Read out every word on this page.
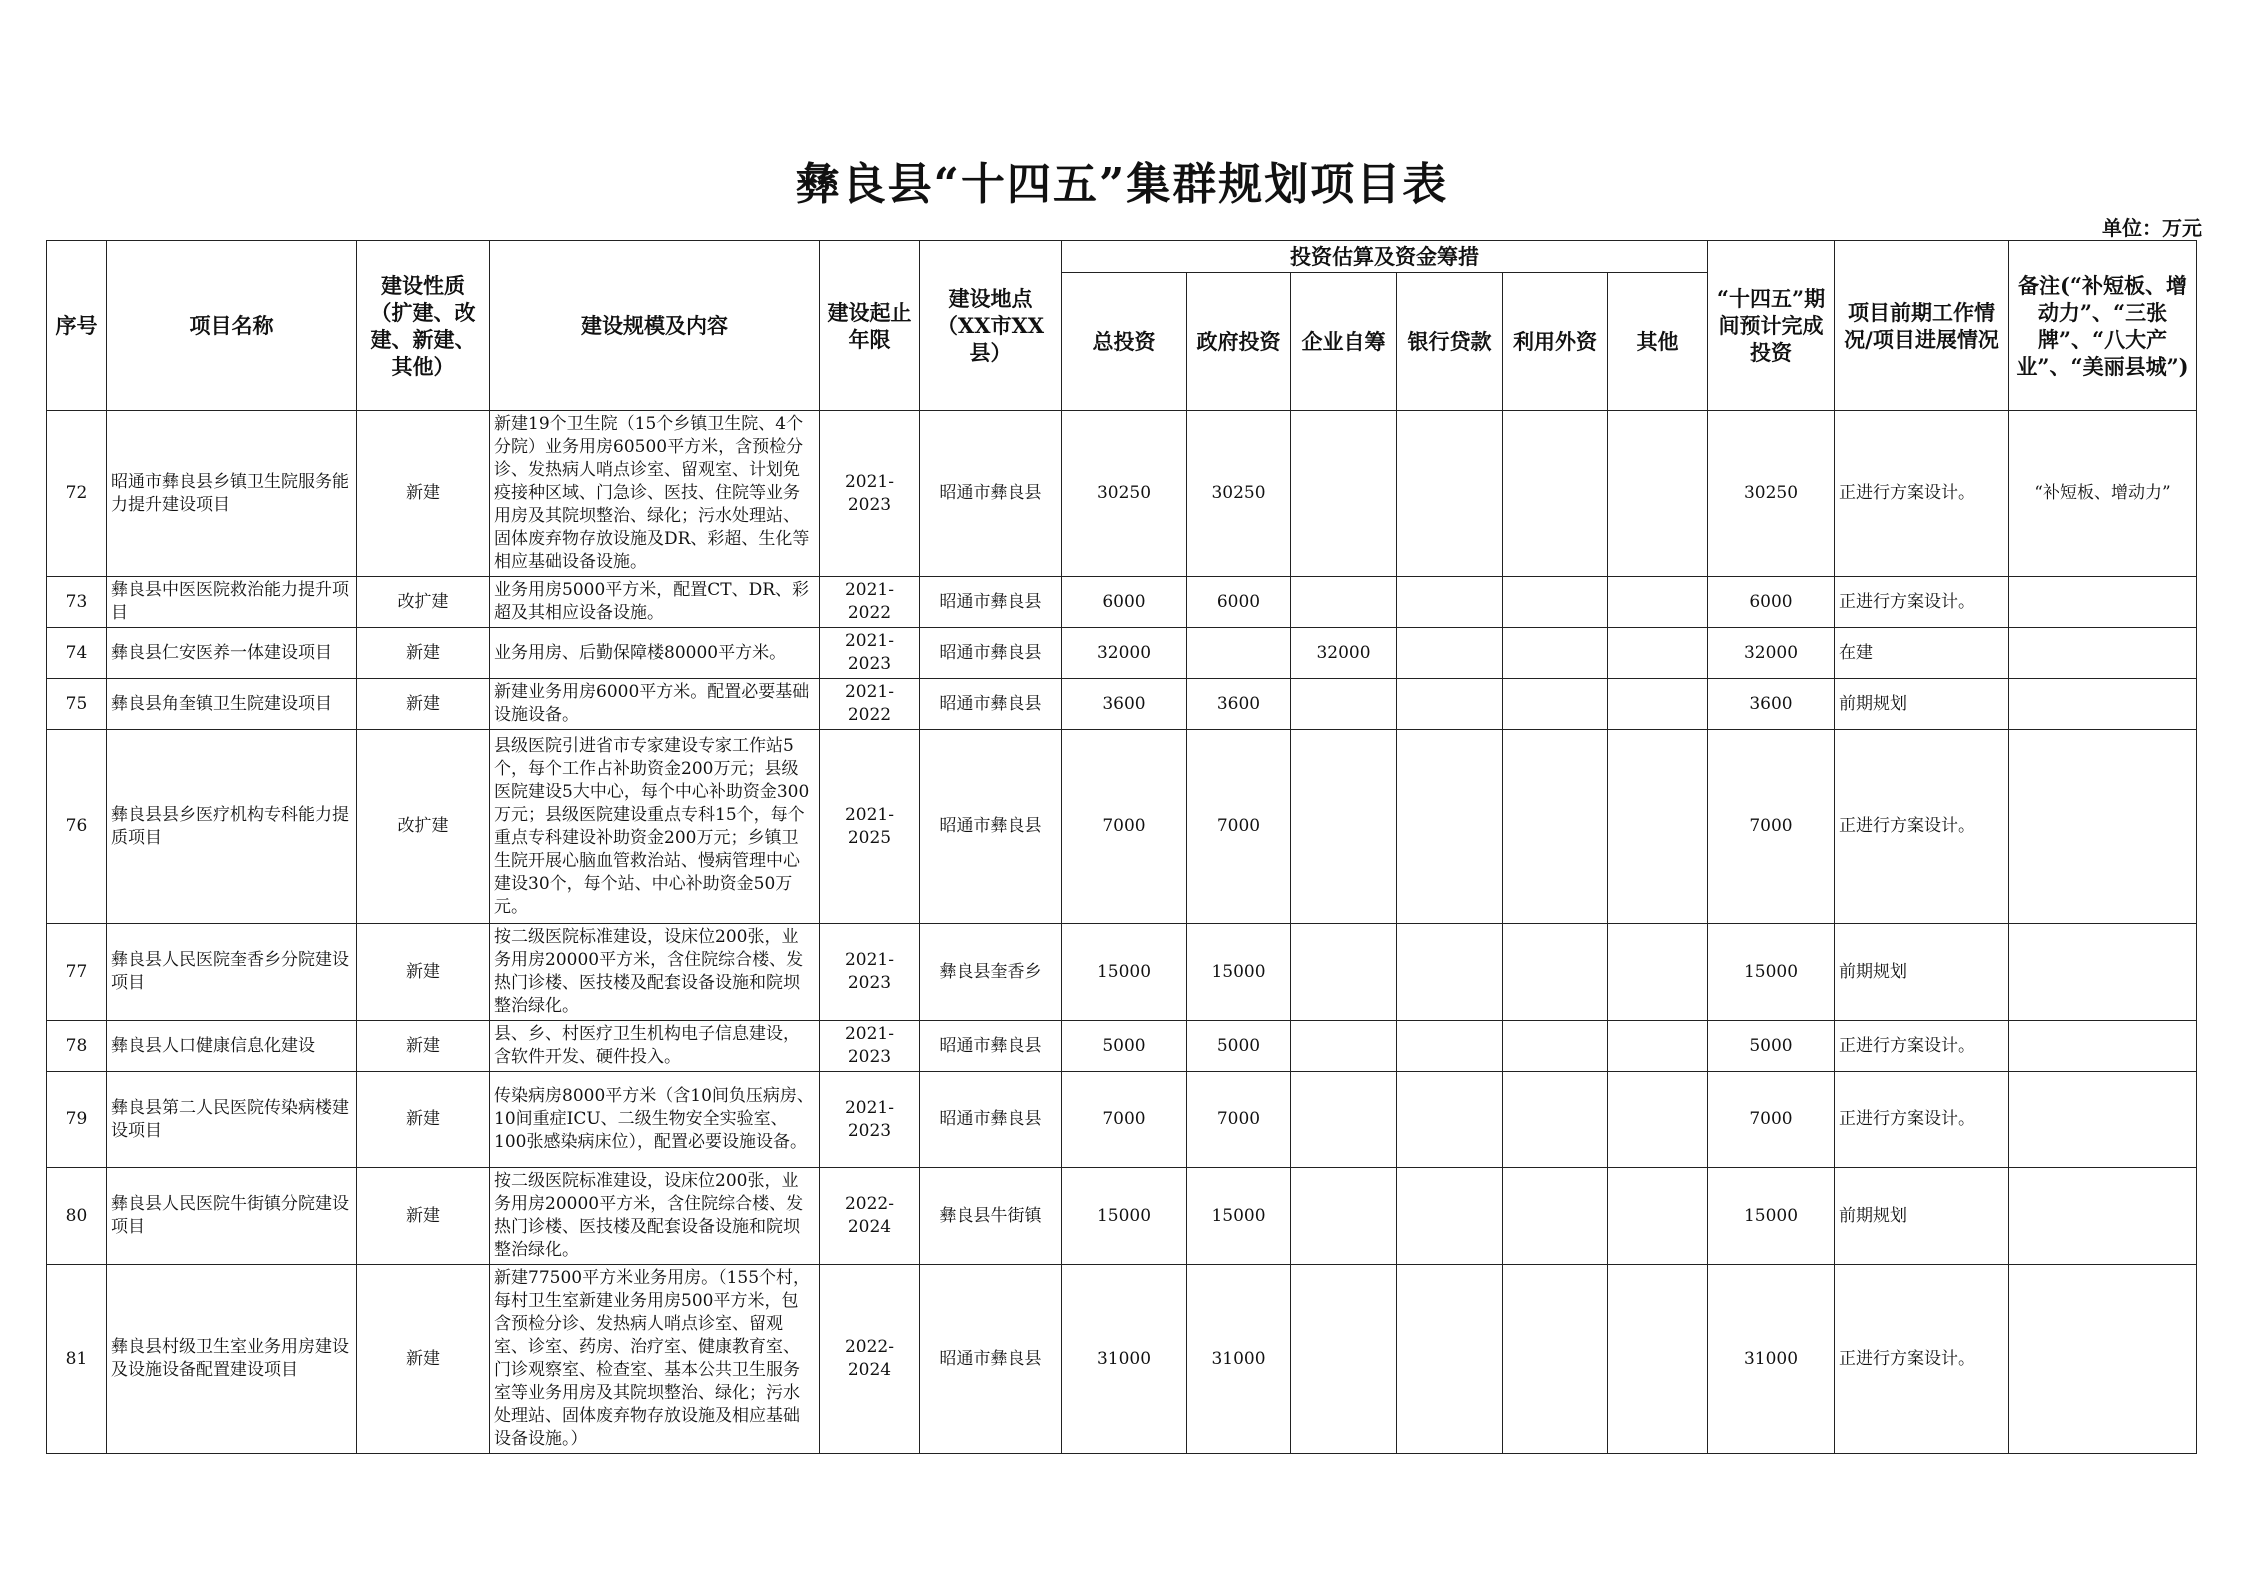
彝良县“十四五”集群规划项目表
单位：万元
序号	项目名称	建设性质（扩建、改建、新建、其他）	建设规模及内容	建设起止年限	建设地点（XX市XX县）	投资估算及资金筹措						“十四五”期间预计完成投资	项目前期工作情况/项目进展情况	备注(“补短板、增动力”、“三张牌”、“八大产业”、“美丽县城”)
						总投资	政府投资	企业自筹	银行贷款	利用外资	其他			
72	昭通市彝良县乡镇卫生院服务能力提升建设项目	新建	新建19个卫生院（15个乡镇卫生院、4个分院）业务用房60500平方米，含预检分诊、发热病人哨点诊室、留观室、计划免疫接种区域、门急诊、医技、住院等业务用房及其院坝整治、绿化；污水处理站、固体废弃物存放设施及DR、彩超、生化等相应基础设备设施。	2021-2023	昭通市彝良县	30250	30250					30250	正进行方案设计。	“补短板、增动力”
73	彝良县中医医院救治能力提升项目	改扩建	业务用房5000平方米，配置CT、DR、彩超及其相应设备设施。	2021-2022	昭通市彝良县	6000	6000					6000	正进行方案设计。	
74	彝良县仁安医养一体建设项目	新建	业务用房、后勤保障楼80000平方米。	2021-2023	昭通市彝良县	32000		32000				32000	在建	
75	彝良县角奎镇卫生院建设项目	新建	新建业务用房6000平方米。配置必要基础设施设备。	2021-2022	昭通市彝良县	3600	3600					3600	前期规划	
76	彝良县县乡医疗机构专科能力提质项目	改扩建	县级医院引进省市专家建设专家工作站5个，每个工作占补助资金200万元；县级医院建设5大中心，每个中心补助资金300万元；县级医院建设重点专科15个，每个重点专科建设补助资金200万元；乡镇卫生院开展心脑血管救治站、慢病管理中心建设30个，每个站、中心补助资金50万元。	2021-2025	昭通市彝良县	7000	7000					7000	正进行方案设计。	
77	彝良县人民医院奎香乡分院建设项目	新建	按二级医院标准建设，设床位200张，业务用房20000平方米，含住院综合楼、发热门诊楼、医技楼及配套设备设施和院坝整治绿化。	2021-2023	彝良县奎香乡	15000	15000					15000	前期规划	
78	彝良县人口健康信息化建设	新建	县、乡、村医疗卫生机构电子信息建设，含软件开发、硬件投入。	2021-2023	昭通市彝良县	5000	5000					5000	正进行方案设计。	
79	彝良县第二人民医院传染病楼建设项目	新建	传染病房8000平方米（含10间负压病房、10间重症ICU、二级生物安全实验室、100张感染病床位），配置必要设施设备。	2021-2023	昭通市彝良县	7000	7000					7000	正进行方案设计。	
80	彝良县人民医院牛街镇分院建设项目	新建	按二级医院标准建设，设床位200张，业务用房20000平方米，含住院综合楼、发热门诊楼、医技楼及配套设备设施和院坝整治绿化。	2022-2024	彝良县牛街镇	15000	15000					15000	前期规划	
81	彝良县村级卫生室业务用房建设及设施设备配置建设项目	新建	新建77500平方米业务用房。（155个村，每村卫生室新建业务用房500平方米，包含预检分诊、发热病人哨点诊室、留观室、诊室、药房、治疗室、健康教育室、门诊观察室、检查室、基本公共卫生服务室等业务用房及其院坝整治、绿化；污水处理站、固体废弃物存放设施及相应基础设备设施。）	2022-2024	昭通市彝良县	31000	31000					31000	正进行方案设计。	
